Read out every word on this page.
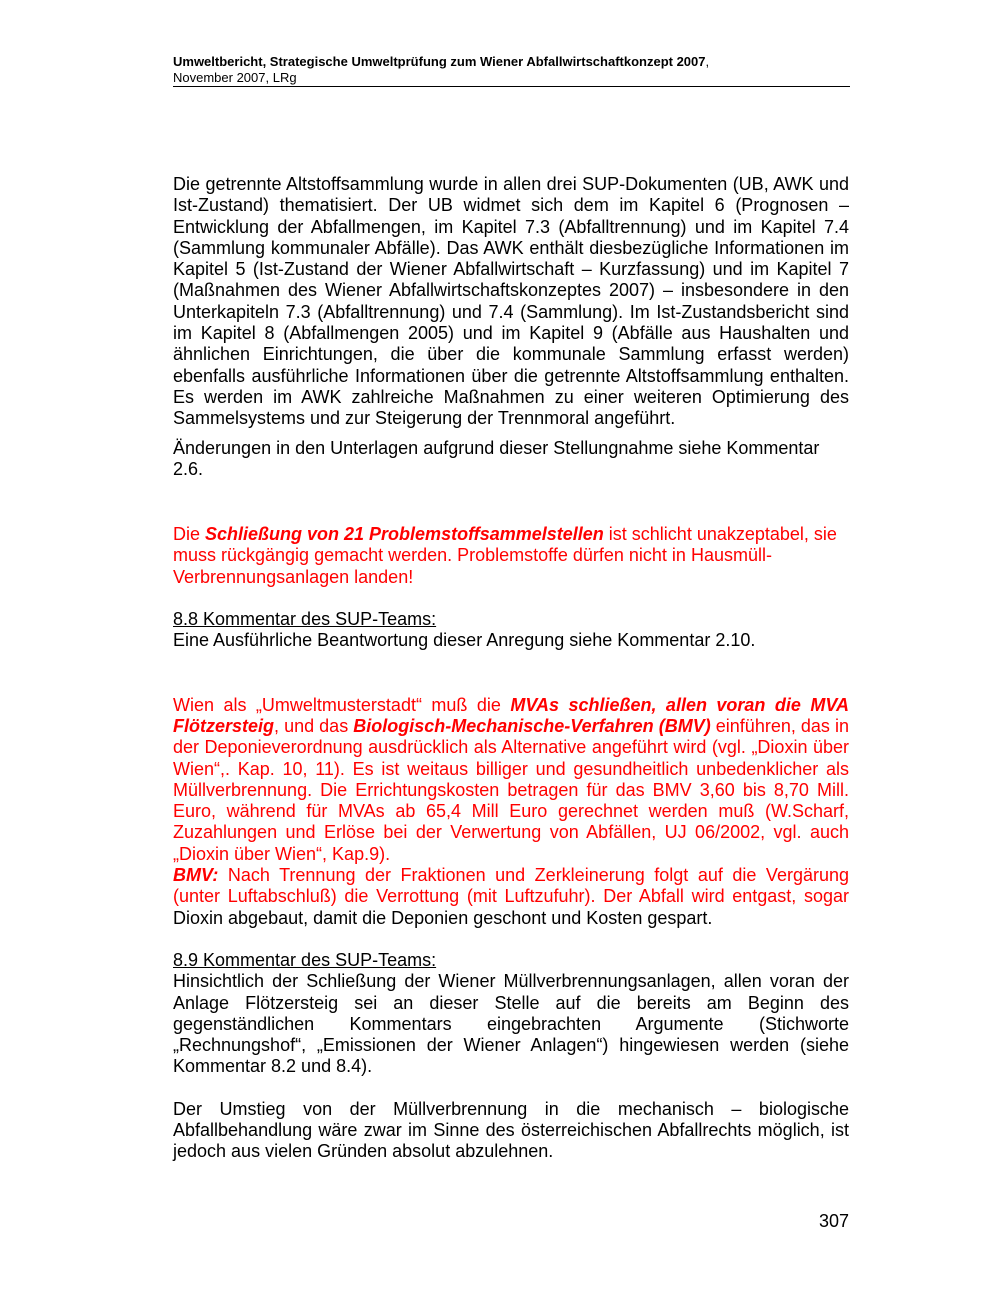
Umweltbericht, Strategische Umweltprüfung zum Wiener Abfallwirtschaftkonzept 2007,
November 2007, LRg

Die getrennte Altstoffsammlung wurde in allen drei SUP-Dokumenten (UB, AWK und Ist-Zustand) thematisiert. Der UB widmet sich dem im Kapitel 6 (Prognosen – Entwicklung der Abfallmengen, im Kapitel 7.3 (Abfalltrennung) und im Kapitel 7.4 (Sammlung kommunaler Abfälle). Das AWK enthält diesbezügliche Informationen im Kapitel 5 (Ist-Zustand der Wiener Abfallwirtschaft – Kurzfassung) und im Kapitel 7 (Maßnahmen des Wiener Abfallwirtschaftskonzeptes 2007) – insbesondere in den Unterkapiteln 7.3 (Abfalltrennung) und 7.4 (Sammlung). Im Ist-Zustandsbericht sind im Kapitel 8 (Abfallmengen 2005) und im Kapitel 9 (Abfälle aus Haushalten und ähnlichen Einrichtungen, die über die kommunale Sammlung erfasst werden) ebenfalls ausführliche Informationen über die getrennte Altstoffsammlung enthalten. Es werden im AWK zahlreiche Maßnahmen zu einer weiteren Optimierung des Sammelsystems und zur Steigerung der Trennmoral angeführt.

Änderungen in den Unterlagen aufgrund dieser Stellungnahme siehe Kommentar 2.6.

Die Schließung von 21 Problemstoffsammelstellen ist schlicht unakzeptabel, sie muss rückgängig gemacht werden. Problemstoffe dürfen nicht in Hausmüll-Verbrennungsanlagen landen!

8.8 Kommentar des SUP-Teams:

Eine Ausführliche Beantwortung dieser Anregung siehe Kommentar 2.10.

Wien als „Umweltmusterstadt“ muß die MVAs schließen, allen voran die MVA Flötzersteig, und das Biologisch-Mechanische-Verfahren (BMV) einführen, das in der Deponieverordnung ausdrücklich als Alternative angeführt wird (vgl. „Dioxin über Wien“,. Kap. 10, 11). Es ist weitaus billiger und gesundheitlich unbedenklicher als Müllverbrennung. Die Errichtungskosten betragen für das BMV 3,60 bis 8,70 Mill. Euro, während für MVAs ab 65,4 Mill Euro gerechnet werden muß (W.Scharf, Zuzahlungen und Erlöse bei der Verwertung von Abfällen, UJ 06/2002, vgl. auch „Dioxin über Wien“, Kap.9).
BMV: Nach Trennung der Fraktionen und Zerkleinerung folgt auf die Vergärung (unter Luftabschluß) die Verrottung (mit Luftzufuhr). Der Abfall wird entgast, sogar Dioxin abgebaut, damit die Deponien geschont und Kosten gespart.

8.9 Kommentar des SUP-Teams:

Hinsichtlich der Schließung der Wiener Müllverbrennungsanlagen, allen voran der Anlage Flötzersteig sei an dieser Stelle auf die bereits am Beginn des gegenständlichen Kommentars eingebrachten Argumente (Stichworte „Rechnungshof“, „Emissionen der Wiener Anlagen“) hingewiesen werden (siehe Kommentar 8.2 und 8.4).

Der Umstieg von der Müllverbrennung in die mechanisch – biologische Abfallbehandlung wäre zwar im Sinne des österreichischen Abfallrechts möglich, ist jedoch aus vielen Gründen absolut abzulehnen.

307
